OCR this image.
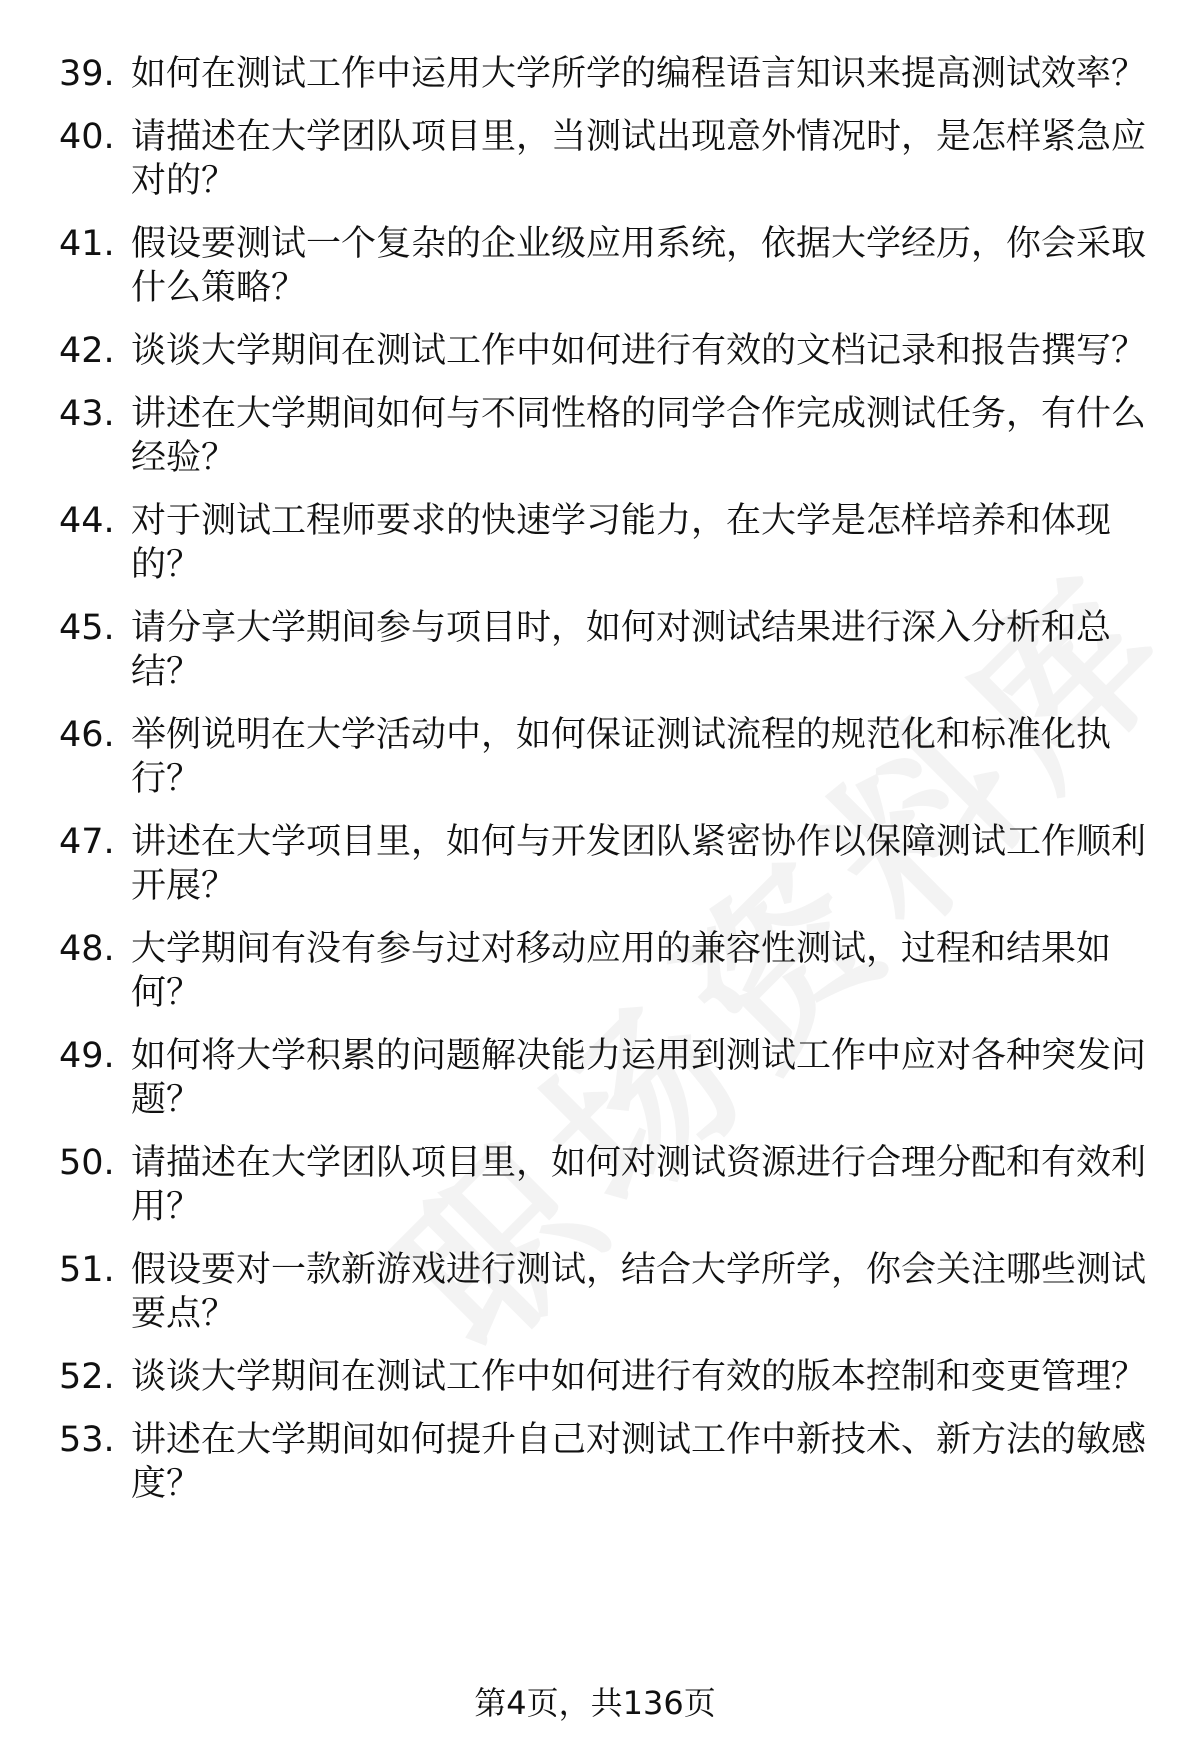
39. 如何在测试工作中运用大学所学的编程语言知识来提高测试效率？
40. 请描述在大学团队项目里，当测试出现意外情况时，是怎样紧急应对的？
41. 假设要测试一个复杂的企业级应用系统，依据大学经历，你会采取什么策略？
42. 谈谈大学期间在测试工作中如何进行有效的文档记录和报告撰写？
43. 讲述在大学期间如何与不同性格的同学合作完成测试任务，有什么经验？
44. 对于测试工程师要求的快速学习能力，在大学是怎样培养和体现的？
45. 请分享大学期间参与项目时，如何对测试结果进行深入分析和总结？
46. 举例说明在大学活动中，如何保证测试流程的规范化和标准化执行？
47. 讲述在大学项目里，如何与开发团队紧密协作以保障测试工作顺利开展？
48. 大学期间有没有参与过对移动应用的兼容性测试，过程和结果如何？
49. 如何将大学积累的问题解决能力运用到测试工作中应对各种突发问题？
50. 请描述在大学团队项目里，如何对测试资源进行合理分配和有效利用？
51. 假设要对一款新游戏进行测试，结合大学所学，你会关注哪些测试要点？
52. 谈谈大学期间在测试工作中如何进行有效的版本控制和变更管理？
53. 讲述在大学期间如何提升自己对测试工作中新技术、新方法的敏感度？
第4页，共136页
